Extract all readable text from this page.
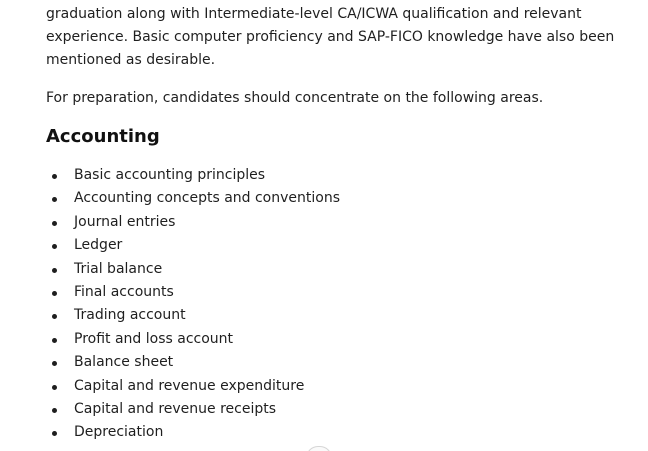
graduation along with Intermediate-level CA/ICWA qualification and relevant experience. Basic computer proficiency and SAP-FICO knowledge have also been mentioned as desirable.

For preparation, candidates should concentrate on the following areas.

Accounting
Basic accounting principles
Accounting concepts and conventions
Journal entries
Ledger
Trial balance
Final accounts
Trading account
Profit and loss account
Balance sheet
Capital and revenue expenditure
Capital and revenue receipts
Depreciation
